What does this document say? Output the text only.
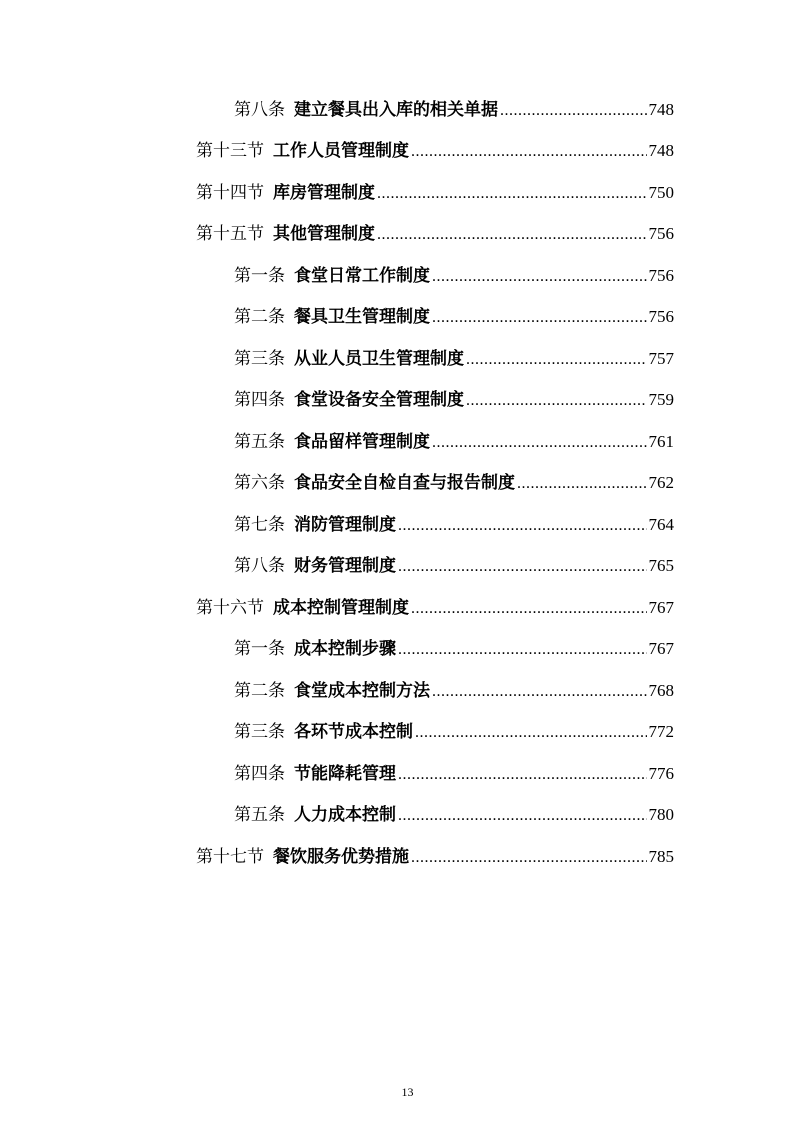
第八条 建立餐具出入库的相关单据 .....	748
第十三节 工作人员管理制度 .....	748
第十四节 库房管理制度 .....	750
第十五节 其他管理制度 .....	756
第一条 食堂日常工作制度 .....	756
第二条 餐具卫生管理制度 .....	756
第三条 从业人员卫生管理制度 .....	757
第四条 食堂设备安全管理制度 .....	759
第五条 食品留样管理制度 .....	761
第六条 食品安全自检自查与报告制度 .....	762
第七条 消防管理制度 .....	764
第八条 财务管理制度 .....	765
第十六节 成本控制管理制度 .....	767
第一条 成本控制步骤 .....	767
第二条 食堂成本控制方法 .....	768
第三条 各环节成本控制 .....	772
第四条 节能降耗管理 .....	776
第五条 人力成本控制 .....	780
第十七节 餐饮服务优势措施 .....	785
13
